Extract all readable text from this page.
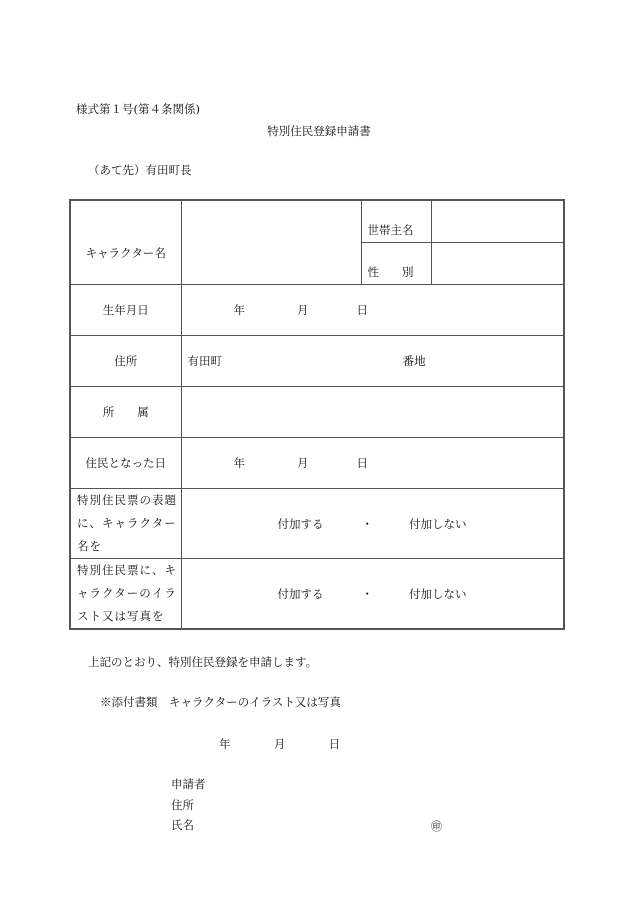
様式第１号(第４条関係)
特別住民登録申請書
（あて先）有田町長
キャラクター名		世帯主名	

		性　　別	

生年月日	年 月 日		

住所	有田町 番地		
所　　属			
住民となった日	年 月 日		

特別住民票の表題に、キャラクター　名を	付加する ・ 付加しない		

特別住民票に、キャラクターのイラスト又は写真を	付加する ・ 付加しない		
上記のとおり、特別住民登録を申請します。
※添付書類　キャラクターのイラスト又は写真
年	月	日
申請者
住所
氏名	㊞
